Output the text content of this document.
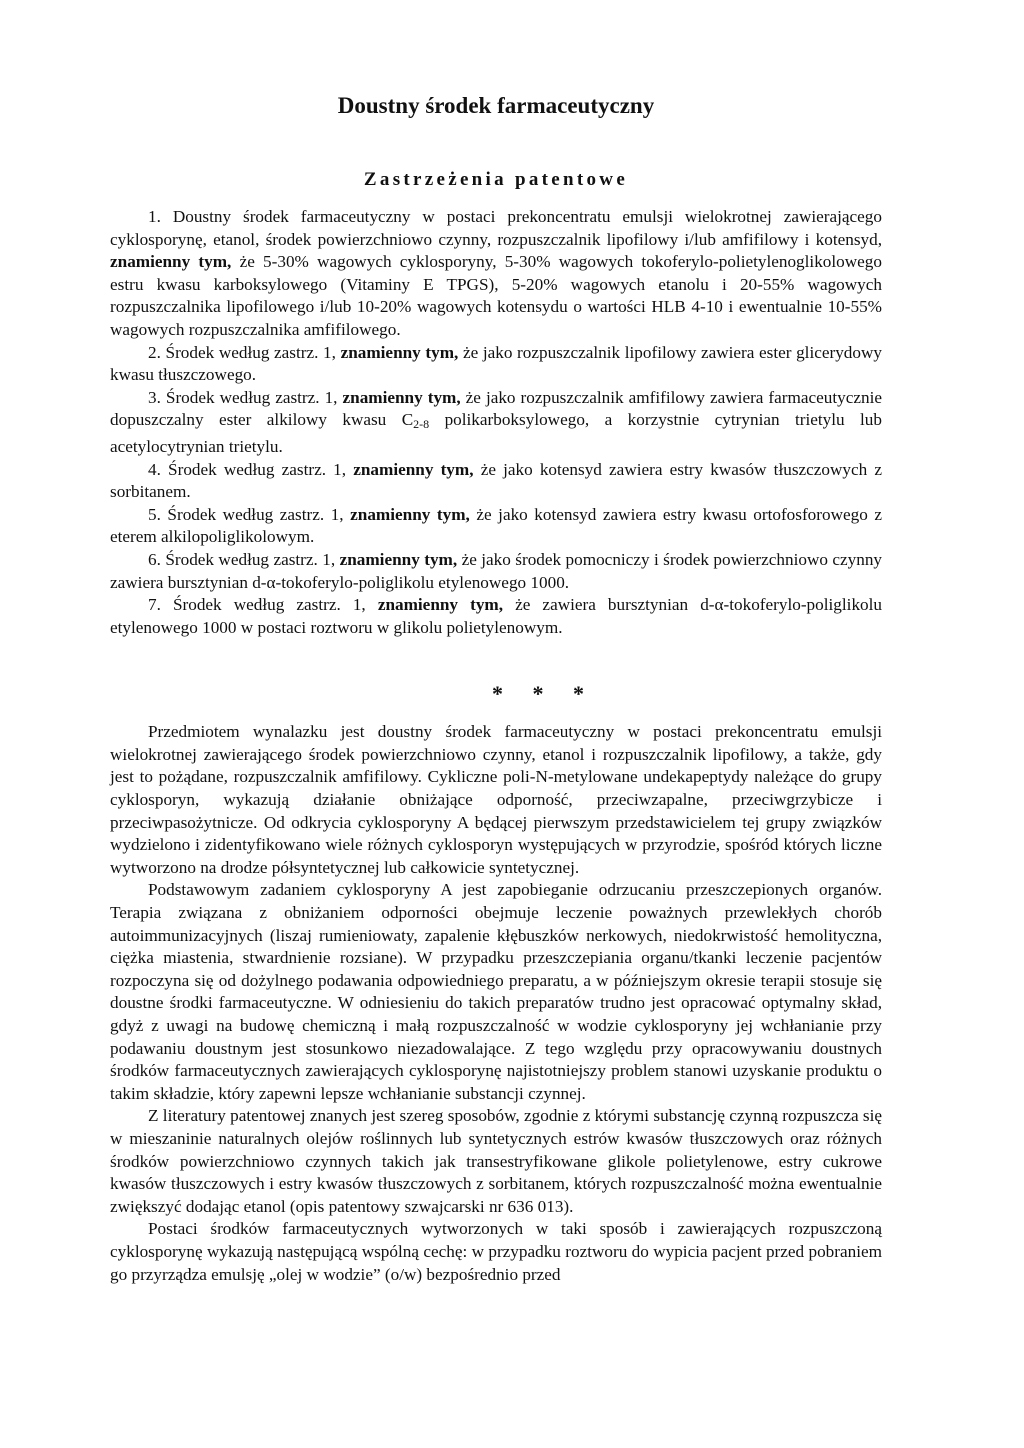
Doustny środek farmaceutyczny
Zastrzeżenia patentowe

1. Doustny środek farmaceutyczny w postaci prekoncentratu emulsji wielokrotnej zawierającego cyklosporynę, etanol, środek powierzchniowo czynny, rozpuszczalnik lipofilowy i/lub amfifilowy i kotensyd, znamienny tym, że 5-30% wagowych cyklosporyny, 5-30% wagowych tokoferylo-polietylenoglikolowego estru kwasu karboksylowego (Vitaminy E TPGS), 5-20% wagowych etanolu i 20-55% wagowych rozpuszczalnika lipofilowego i/lub 10-20% wagowych kotensydu o wartości HLB 4-10 i ewentualnie 10-55% wagowych rozpuszczalnika amfifilowego.

2. Środek według zastrz. 1, znamienny tym, że jako rozpuszczalnik lipofilowy zawiera ester glicerydowy kwasu tłuszczowego.

3. Środek według zastrz. 1, znamienny tym, że jako rozpuszczalnik amfifilowy zawiera farmaceutycznie dopuszczalny ester alkilowy kwasu $C_{2-8}$ polikarboksylowego, a korzystnie cytrynian trietylu lub acetylocytrynian trietylu.

4. Środek według zastrz. 1, znamienny tym, że jako kotensyd zawiera estry kwasów tłuszczowych z sorbitanem.

5. Środek według zastrz. 1, znamienny tym, że jako kotensyd zawiera estry kwasu ortofosforowego z eterem alkilopoliglikolowym.

6. Środek według zastrz. 1, znamienny tym, że jako środek pomocniczy i środek powierzchniowo czynny zawiera bursztynian d-α-tokoferylo-poliglikolu etylenowego 1000.

7. Środek według zastrz. 1, znamienny tym, że zawiera bursztynian d-α-tokoferylo-poliglikolu etylenowego 1000 w postaci roztworu w glikolu polietylenowym.

* * *

Przedmiotem wynalazku jest doustny środek farmaceutyczny w postaci prekoncentratu emulsji wielokrotnej zawierającego środek powierzchniowo czynny, etanol i rozpuszczalnik lipofilowy, a także, gdy jest to pożądane, rozpuszczalnik amfifilowy. Cykliczne poli-N-metylowane undekapeptydy należące do grupy cyklosporyn, wykazują działanie obniżające odporność, przeciwzapalne, przeciwgrzybicze i przeciwpasożytnicze. Od odkrycia cyklosporyny A będącej pierwszym przedstawicielem tej grupy związków wydzielono i zidentyfikowano wiele różnych cyklosporyn występujących w przyrodzie, spośród których liczne wytworzono na drodze półsyntetycznej lub całkowicie syntetycznej.

Podstawowym zadaniem cyklosporyny A jest zapobieganie odrzucaniu przeszczepionych organów. Terapia związana z obniżaniem odporności obejmuje leczenie poważnych przewlekłych chorób autoimmunizacyjnych (liszaj rumieniowaty, zapalenie kłębuszków nerkowych, niedokrwistość hemolityczna, ciężka miastenia, stwardnienie rozsiane). W przypadku przeszczepiania organu/tkanki leczenie pacjentów rozpoczyna się od dożylnego podawania odpowiedniego preparatu, a w późniejszym okresie terapii stosuje się doustne środki farmaceutyczne. W odniesieniu do takich preparatów trudno jest opracować optymalny skład, gdyż z uwagi na budowę chemiczną i małą rozpuszczalność w wodzie cyklosporyny jej wchłanianie przy podawaniu doustnym jest stosunkowo niezadowalające. Z tego względu przy opracowywaniu doustnych środków farmaceutycznych zawierających cyklosporynę najistotniejszy problem stanowi uzyskanie produktu o takim składzie, który zapewni lepsze wchłanianie substancji czynnej.

Z literatury patentowej znanych jest szereg sposobów, zgodnie z którymi substancję czynną rozpuszcza się w mieszaninie naturalnych olejów roślinnych lub syntetycznych estrów kwasów tłuszczowych oraz różnych środków powierzchniowo czynnych takich jak transestryfikowane glikole polietylenowe, estry cukrowe kwasów tłuszczowych i estry kwasów tłuszczowych z sorbitanem, których rozpuszczalność można ewentualnie zwiększyć dodając etanol (opis patentowy szwajcarski nr 636 013).

Postaci środków farmaceutycznych wytworzonych w taki sposób i zawierających rozpuszczoną cyklosporynę wykazują następującą wspólną cechę: w przypadku roztworu do wypicia pacjent przed pobraniem go przyrządza emulsję „olej w wodzie” (o/w) bezpośrednio przed
